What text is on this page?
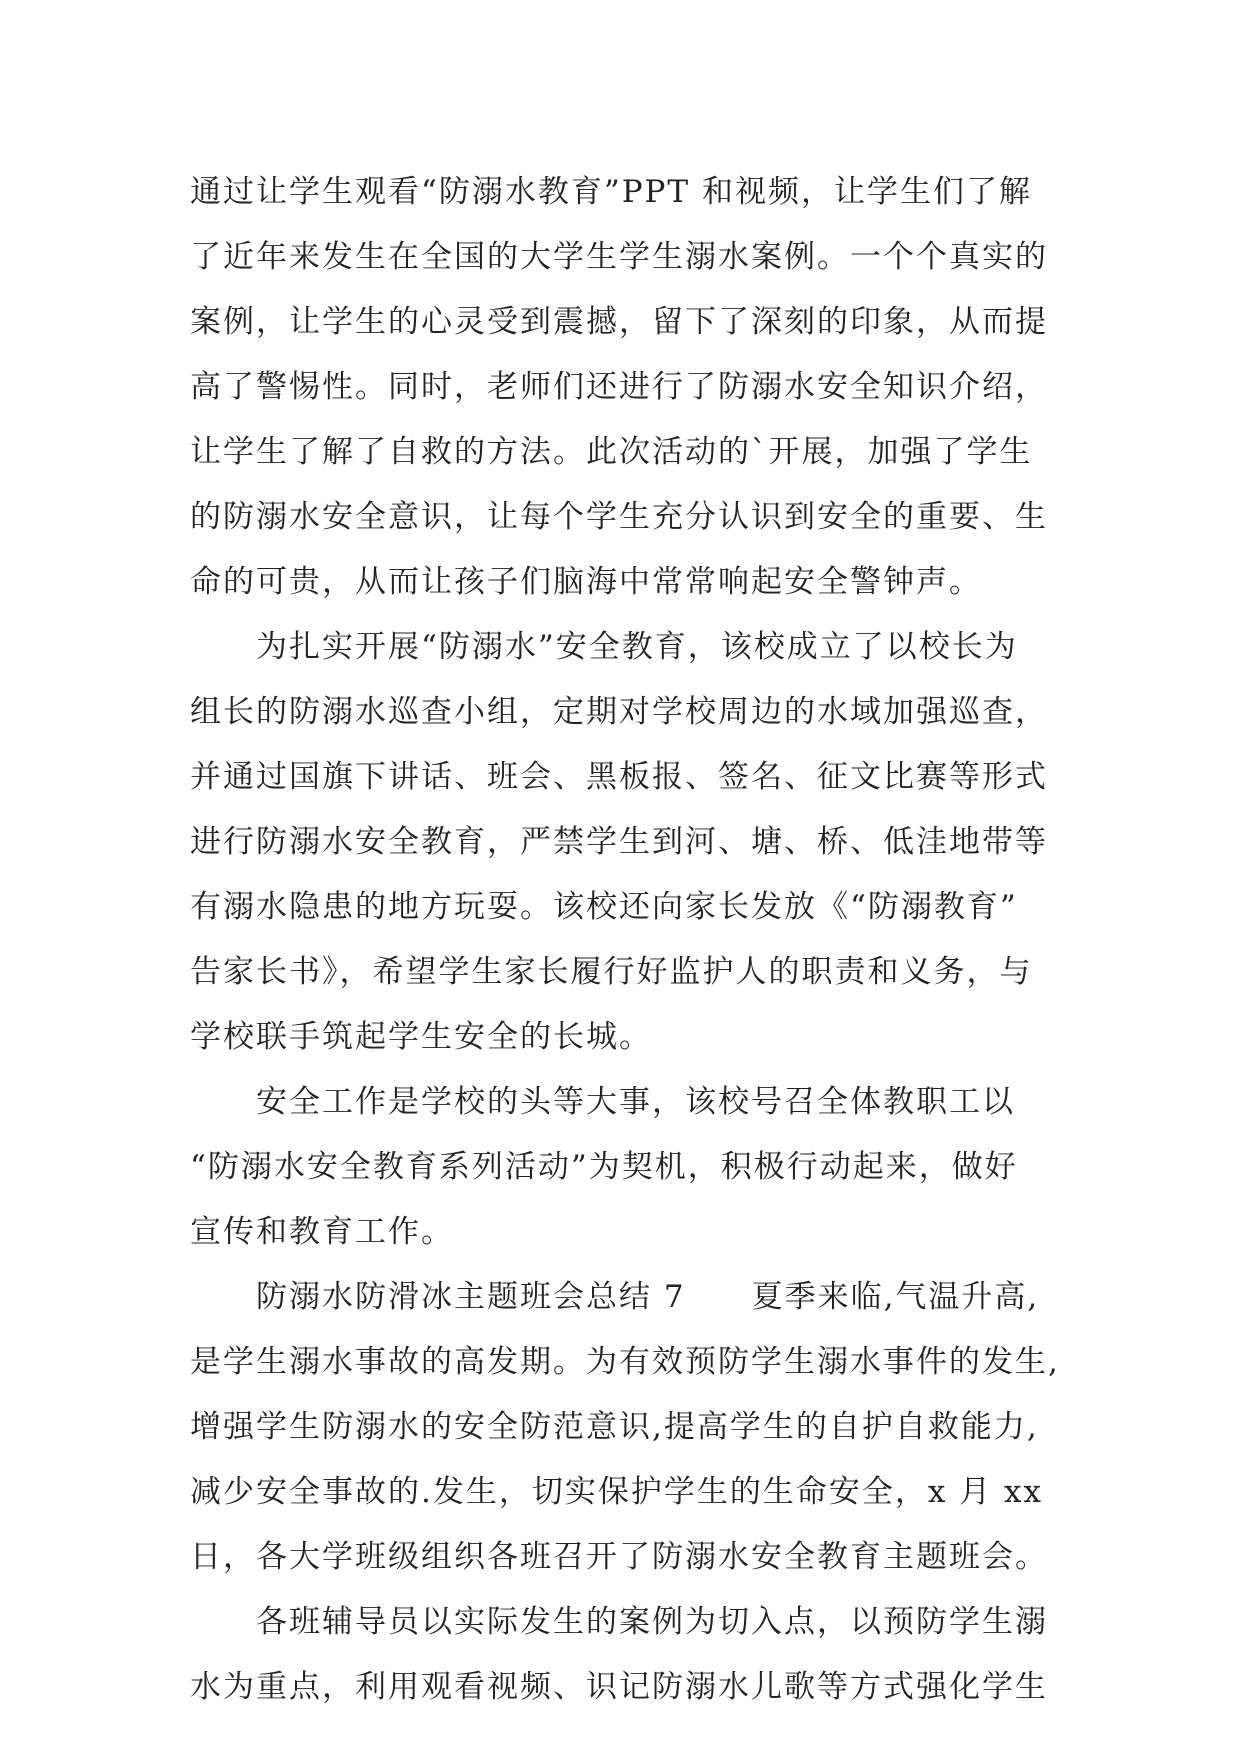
通过让学生观看“防溺水教育”PPT 和视频，让学生们了解
了近年来发生在全国的大学生学生溺水案例。一个个真实的
案例，让学生的心灵受到震撼，留下了深刻的印象，从而提
高了警惕性。同时，老师们还进行了防溺水安全知识介绍，
让学生了解了自救的方法。此次活动的`开展，加强了学生
的防溺水安全意识，让每个学生充分认识到安全的重要、生
命的可贵，从而让孩子们脑海中常常响起安全警钟声。
为扎实开展“防溺水”安全教育，该校成立了以校长为
组长的防溺水巡查小组，定期对学校周边的水域加强巡查，
并通过国旗下讲话、班会、黑板报、签名、征文比赛等形式
进行防溺水安全教育，严禁学生到河、塘、桥、低洼地带等
有溺水隐患的地方玩耍。该校还向家长发放《“防溺教育”
告家长书》，希望学生家长履行好监护人的职责和义务，与
学校联手筑起学生安全的长城。
安全工作是学校的头等大事，该校号召全体教职工以
“防溺水安全教育系列活动”为契机，积极行动起来，做好
宣传和教育工作。
防溺水防滑冰主题班会总结 7　　夏季来临,气温升高,
是学生溺水事故的高发期。为有效预防学生溺水事件的发生,
增强学生防溺水的安全防范意识,提高学生的自护自救能力,
减少安全事故的.发生，切实保护学生的生命安全，x 月 xx
日，各大学班级组织各班召开了防溺水安全教育主题班会。
各班辅导员以实际发生的案例为切入点，以预防学生溺
水为重点，利用观看视频、识记防溺水儿歌等方式强化学生
